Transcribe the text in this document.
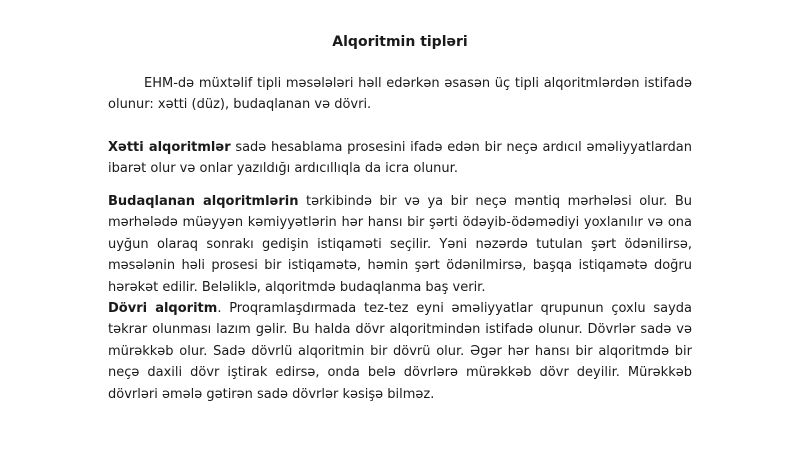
Alqoritmin tipləri

EHM-də müxtəlif tipli məsələləri həll edərkən əsasən üç tipli alqoritmlərdən istifadə olunur: xətti (düz), budaqlanan və dövri.

Xətti alqoritmlər sadə hesablama prosesini ifadə edən bir neçə ardıcıl əməliyyatlardan ibarət olur və onlar yazıldığı ardıcıllıqla da icra olunur.

Budaqlanan alqoritmlərin tərkibində bir və ya bir neçə məntiq mərhələsi olur. Bu mərhələdə müəyyən kəmiyyətlərin hər hansı bir şərti ödəyib-ödəmədiyi yoxlanılır və ona uyğun olaraq sonrakı gedişin istiqaməti seçilir. Yəni nəzərdə tutulan şərt ödənilirsə, məsələnin həli prosesi bir istiqamətə, həmin şərt ödənilmirsə, başqa istiqamətə doğru hərəkət edilir. Beləliklə, alqoritmdə budaqlanma baş verir.

Dövri alqoritm. Proqramlaşdırmada tez-tez eyni əməliyyatlar qrupunun çoxlu sayda təkrar olunması lazım gəlir. Bu halda dövr alqoritmindən istifadə olunur. Dövrlər sadə və mürəkkəb olur. Sadə dövrlü alqoritmin bir dövrü olur. Əgər hər hansı bir alqoritmdə bir neçə daxili dövr iştirak edirsə, onda belə dövrlərə mürəkkəb dövr deyilir. Mürəkkəb dövrləri əmələ gətirən sadə dövrlər kəsişə bilməz.
